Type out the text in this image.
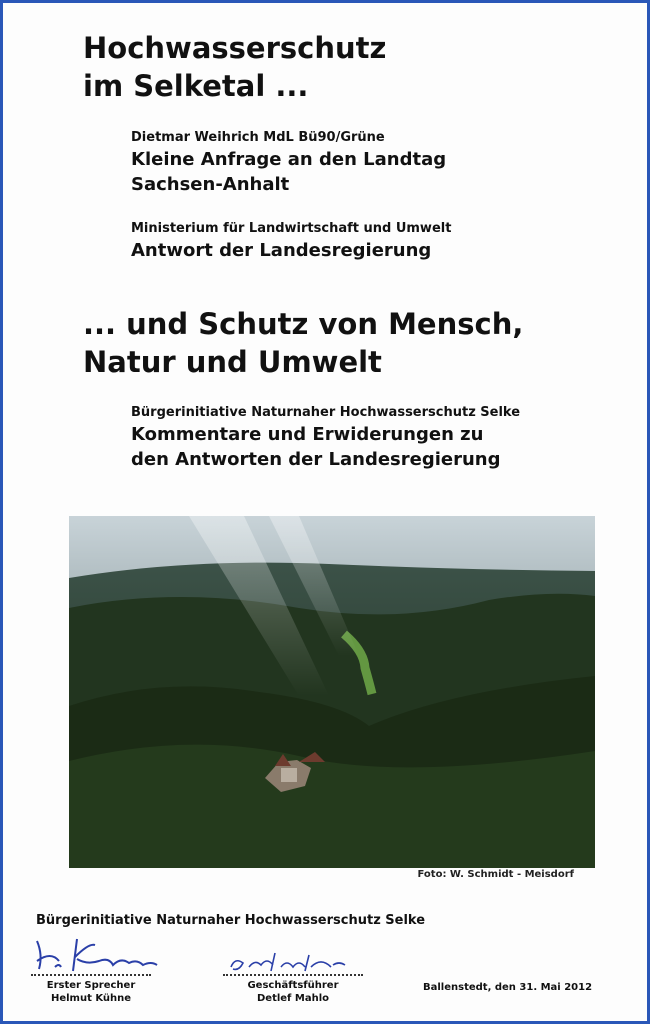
Hochwasserschutz
im Selketal ...
Dietmar Weihrich MdL Bü90/Grüne
Kleine Anfrage an den Landtag
Sachsen-Anhalt
Ministerium für Landwirtschaft und Umwelt
Antwort der Landesregierung
... und Schutz von Mensch,
Natur und Umwelt
Bürgerinitiative Naturnaher Hochwasserschutz Selke
Kommentare und Erwiderungen zu
den Antworten der Landesregierung
Foto: W. Schmidt - Meisdorf
Bürgerinitiative Naturnaher Hochwasserschutz Selke
Erster Sprecher
Helmut Kühne
Geschäftsführer
Detlef Mahlo
Ballenstedt, den 31. Mai 2012
